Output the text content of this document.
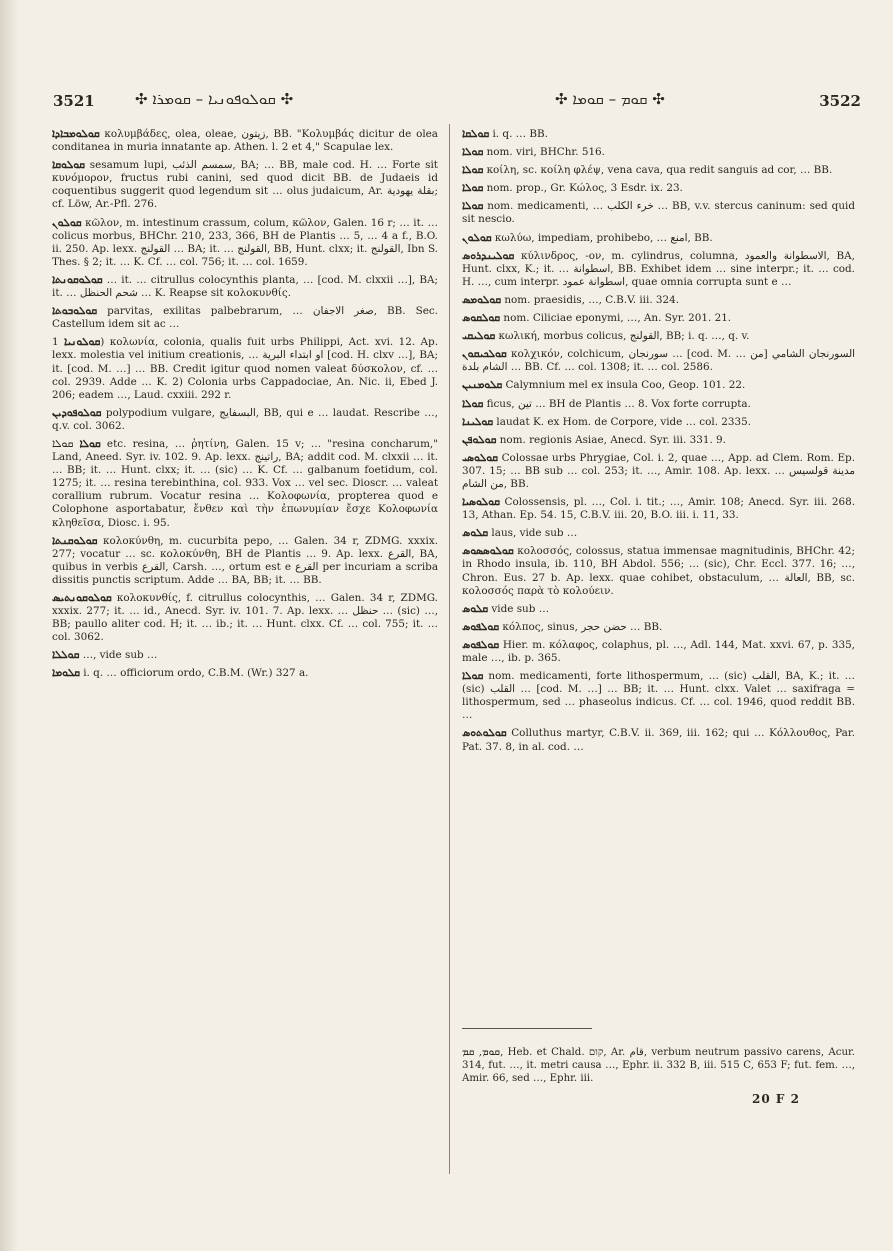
3521	✣ ܩܘܠܘܦܘܢܝܐ – ܩܘܡܪܐ ✣	✣ ܩܘܡ – ܩܘܡܐ ✣	3522

ܩܘܠܘܡܒܐܕܐ κολυμβάδες, olea, oleae, زيتون, BB. "Κολυμβάς dicitur de olea conditanea in muria innatante ap. Athen. l. 2 et 4," Scapulae lex.

ܩܘܠܘܩܐ sesamum lupi, سمسم الذئب, BA; … BB, male cod. H. … Forte sit κυνόμορον, fructus rubi canini, sed quod dicit BB. de Judaeis id coquentibus suggerit quod legendum sit … olus judaicum, Ar. بقلة يهودية; cf. Löw, Ar.-Pfl. 276.

ܩܘܠܘܢ κῶλον, m. intestinum crassum, colum, κῶλον, Galen. 16 r; … it. … colicus morbus, BHChr. 210, 233, 366, BH de Plantis … 5, … 4 a f., B.O. ii. 250. Ap. lexx. القولنج … BA; it. … القولنج, BB, Hunt. clxx; it. القولنج, Ibn S. Thes. § 2; it. … K. Cf. … col. 756; it. … col. 1659.

ܩܘܠܘܩܘܢܬܐ … it. … citrullus colocynthis planta, … [cod. M. clxxii …], BA; it. … شحم الحنظل … K. Reapse sit κολοκυνθίς.

ܩܘܠܘܒܘܬܐ parvitas, exilitas palbebrarum, … صغر الاجفان, BB. Sec. Castellum idem sit ac …

ܩܘܠܘܢܝܐ 1) κολωνία, colonia, qualis fuit urbs Philippi, Act. xvi. 12. Ap. lexx. molestia vel initium creationis, … او ابتداء البرية [cod. H. clxv …], BA; it. [cod. M. …] … BB. Credit igitur quod nomen valeat δύσκολον, cf. … col. 2939. Adde … K. 2) Colonia urbs Cappadociae, An. Nic. ii, Ebed J. 206; eadem …, Laud. cxxiii. 292 r.

ܩܘܠܘܦܘܕܝܢ polypodium vulgare, البسفايج, BB, qui e … laudat. Rescribe …, q.v. col. 3062.

ܩܘܠܐ ܩܘܠܐ etc. resina, … ῥητίνη, Galen. 15 v; … "resina concharum," Land, Aneed. Syr. iv. 102. 9. Ap. lexx. راتينج, BA; addit cod. M. clxxii … it. … BB; it. … Hunt. clxx; it. … (sic) … K. Cf. … galbanum foetidum, col. 1275; it. … resina terebinthina, col. 933. Vox … vel sec. Dioscr. … valeat corallium rubrum. Vocatur resina … Κολοφωνία, propterea quod e Colophone asportabatur, ἔνθεν καὶ τὴν ἐπωνυμίαν ἔσχε Κολοφωνία κληθεῖσα, Diosc. i. 95.

ܩܘܠܘܩܢܬܐ κολοκύνθη, m. cucurbita pepo, … Galen. 34 r, ZDMG. xxxix. 277; vocatur … sc. κολοκύνθη, BH de Plantis … 9. Ap. lexx. القرع, BA, quibus in verbis القرع, Carsh. …, ortum est e القرع per incuriam a scriba dissitis punctis scriptum. Adde … BA, BB; it. … BB.

ܩܘܠܘܩܘܢܬܝܣ κολοκυνθίς, f. citrullus colocynthis, … Galen. 34 r, ZDMG. xxxix. 277; it. … id., Anecd. Syr. iv. 101. 7. Ap. lexx. … حنظل … (sic) …, BB; paullo aliter cod. H; it. … ib.; it. … Hunt. clxx. Cf. … col. 755; it. … col. 3062.

ܩܘܠܠܐ …, vide sub …

ܩܠܘܡܐ i. q. … officiorum ordo, C.B.M. (Wr.) 327 a.

ܩܘܠܩܐ i. q. … BB.

ܩܘܠܐ nom. viri, BHChr. 516.

ܩܘܠܐ κοίλη, sc. κοίλη φλέψ, vena cava, qua redit sanguis ad cor, … BB.

ܩܘܠܐ nom. prop., Gr. Κώλος, 3 Esdr. ix. 23.

ܩܘܠܐ nom. medicamenti, … خرء الكلب … BB, v.v. stercus caninum: sed quid sit nescio.

ܩܘܠܘܢ κωλύω, impediam, prohibebo, … امنع, BB.

ܩܘܠܝܢܕܪܘܣ κύλινδρος, -ον, m. cylindrus, columna, الاسطوانة والعمود, BA, Hunt. clxx, K.; it. … اسطوانة, BB. Exhibet idem … sine interpr.; it. … cod. H. …, cum interpr. اسطوانة عمود, quae omnia corrupta sunt e …

ܩܘܠܘܡܣ nom. praesidis, …, C.B.V. iii. 324.

ܩܘܠܩܘܣ nom. Ciliciae eponymi, …, An. Syr. 201. 21.

ܩܘܠܝܩܝ κωλική, morbus colicus, القولنج, BB; i. q. …, q. v.

ܩܘܠܟܝܩܘܢ κολχικόν, colchicum, سورنجان … [cod. M. … السورنجان الشامي [من الشام بلدة … BB. Cf. … col. 1308; it. … col. 2586.

ܩܠܘܡܢܝܢ Calymnium mel ex insula Coo, Geop. 101. 22.

ܩܘܠܐ ficus, تين … BH de Plantis … 8. Vox forte corrupta.

ܩܘܠܝܢܐ laudat K. ex Hom. de Corpore, vide … col. 2335.

ܩܘܠܘܦܢ nom. regionis Asiae, Anecd. Syr. iii. 331. 9.

ܩܘܠܘܣܝ Colossae urbs Phrygiae, Col. i. 2, quae …, App. ad Clem. Rom. Ep. 307. 15; … BB sub … col. 253; it. …, Amir. 108. Ap. lexx. … مدينة قولسيس من الشام, BB.

ܩܘܠܘܣܝܐ Colossensis, pl. …, Col. i. tit.; …, Amir. 108; Anecd. Syr. iii. 268. 13, Athan. Ep. 54. 15, C.B.V. iii. 20, B.O. iii. i. 11, 33.

ܩܠܘܣ laus, vide sub …

ܩܘܠܘܣܣܘܣ κολοσσός, colossus, statua immensae magnitudinis, BHChr. 42; in Rhodo insula, ib. 110, BH Abdol. 556; … (sic), Chr. Eccl. 377. 16; …, Chron. Eus. 27 b. Ap. lexx. quae cohibet, obstaculum, … العالة, BB, sc. κολοσσός παρὰ τὸ κολούειν.

ܩܠܘܣ vide sub …

ܩܘܠܦܘܣ κόλπος, sinus, حضن حجر … BB.

ܩܘܠܦܘܣ Hier. m. κόλαφος, colaphus, pl. …, Adl. 144, Mat. xxvi. 67, p. 335, male …, ib. p. 365.

ܩܘܠܐ nom. medicamenti, forte lithospermum, … (sic) القلب, BA, K.; it. … (sic) القلب … [cod. M. …] … BB; it. … Hunt. clxx. Valet … saxifraga = lithospermum, sed … phaseolus indicus. Cf. … col. 1946, quod reddit BB. …

ܩܘܠܘܬܘܣ Colluthus martyr, C.B.V. ii. 369, iii. 162; qui … Κόλλουθος, Par. Pat. 37. 8, in al. cod. …

ܩܘܡ, ܩܡ, Heb. et Chald. קום, Ar. قام, verbum neutrum passivo carens, Acur. 314, fut. …, it. metri causa …, Ephr. ii. 332 B, iii. 515 C, 653 F; fut. fem. …, Amir. 66, sed …, Ephr. iii.

20 F 2
